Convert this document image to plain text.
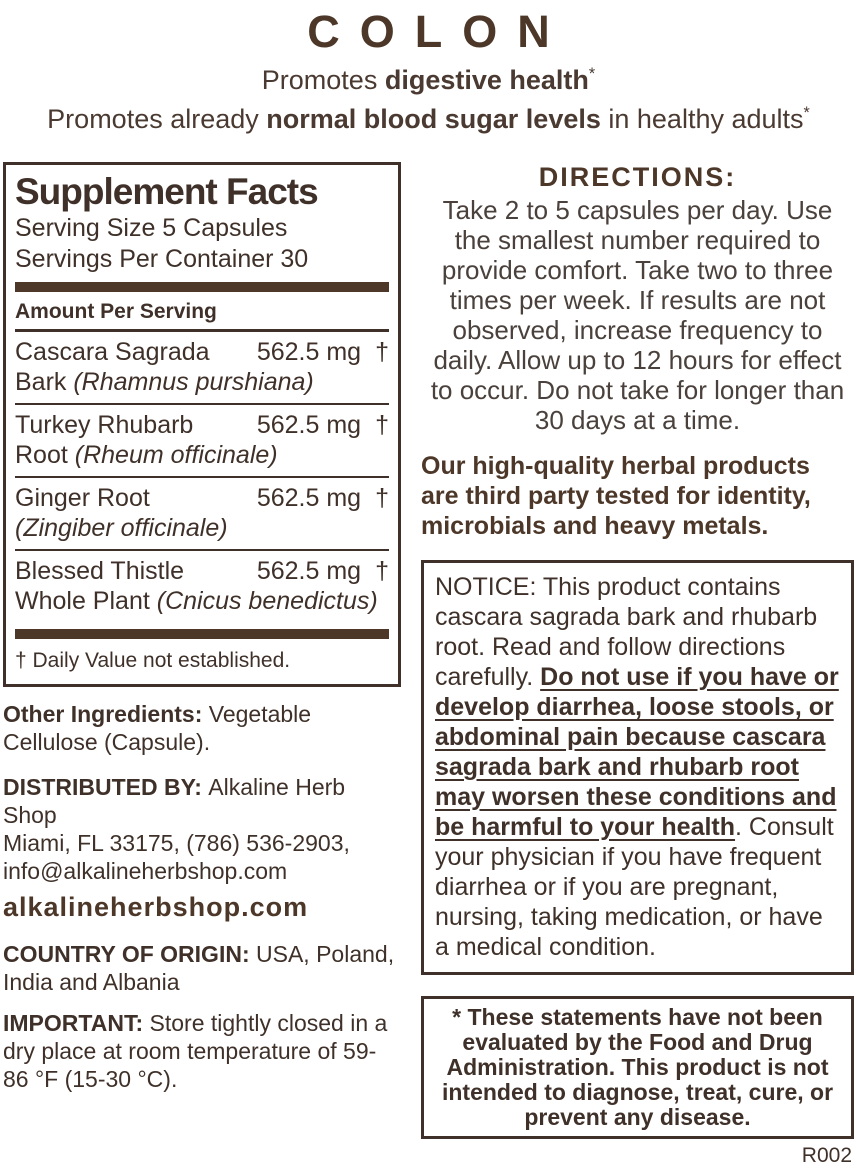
COLON
Promotes digestive health*
Promotes already normal blood sugar levels in healthy adults*
Supplement Facts
Serving Size 5 Capsules
Servings Per Container 30
Amount Per Serving
Cascara Sagrada 562.5 mg †
Bark (Rhamnus purshiana)
Turkey Rhubarb	562.5 mg †
Root (Rheum officinale)
Ginger Root	562.5 mg †
(Zingiber officinale)
Blessed Thistle	562.5 mg †
Whole Plant (Cnicus benedictus)
† Daily Value not established.
Other Ingredients: Vegetable Cellulose (Capsule).
DISTRIBUTED BY: Alkaline Herb Shop
Miami, FL 33175, (786) 536-2903,
info@alkalineherbshop.com
alkalineherbshop.com
COUNTRY OF ORIGIN: USA, Poland, India and Albania
IMPORTANT: Store tightly closed in a dry place at room temperature of 59-86 °F (15-30 °C).
DIRECTIONS:
Take 2 to 5 capsules per day. Use the smallest number required to provide comfort. Take two to three times per week. If results are not observed, increase frequency to daily. Allow up to 12 hours for effect to occur. Do not take for longer than 30 days at a time.
Our high-quality herbal products are third party tested for identity, microbials and heavy metals.
NOTICE: This product contains cascara sagrada bark and rhubarb root. Read and follow directions carefully. Do not use if you have or develop diarrhea, loose stools, or abdominal pain because cascara sagrada bark and rhubarb root may worsen these conditions and be harmful to your health. Consult your physician if you have frequent diarrhea or if you are pregnant, nursing, taking medication, or have a medical condition.
* These statements have not been evaluated by the Food and Drug Administration. This product is not intended to diagnose, treat, cure, or prevent any disease.
R002
